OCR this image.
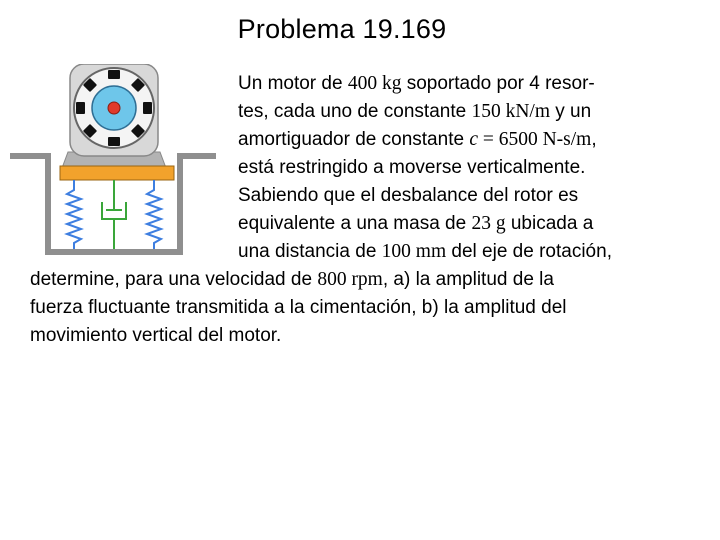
Problema 19.169
Un motor de 400 kg soportado por 4 resor-
tes, cada uno de constante 150 kN/m y un
amortiguador de constante c = 6500 N-s/m,
está restringido a moverse verticalmente.
Sabiendo que el desbalance del rotor es
equivalente a una masa de 23 g ubicada a
una distancia de 100 mm del eje de rotación,
determine, para una velocidad de 800 rpm, a) la amplitud de la
fuerza fluctuante transmitida a la cimentación, b) la amplitud del
movimiento vertical del motor.
